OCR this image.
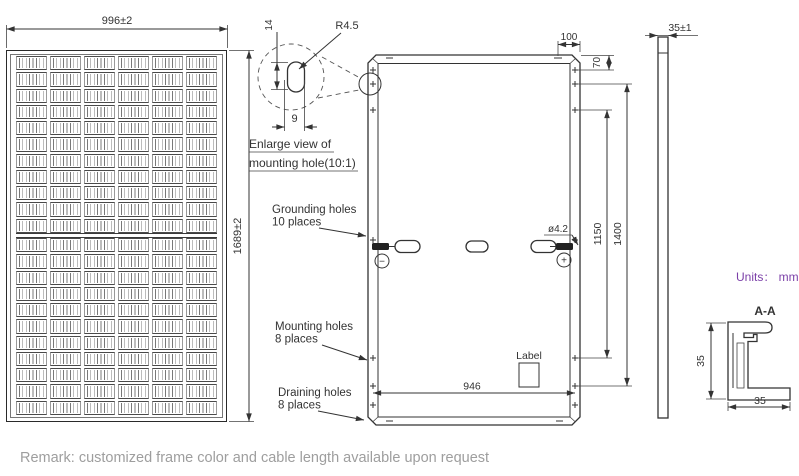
996±2
1689±2
R4.5
14
9
Enlarge view of
mounting hole(10:1)
−	+
Label
946
100
70
1150 1400
ø4.2
Grounding holes
10 places
Mounting holes
8 places
Draining holes
8 places
35±1
A-A
35
35
Units： mm
Remark: customized frame color and cable length available upon request
